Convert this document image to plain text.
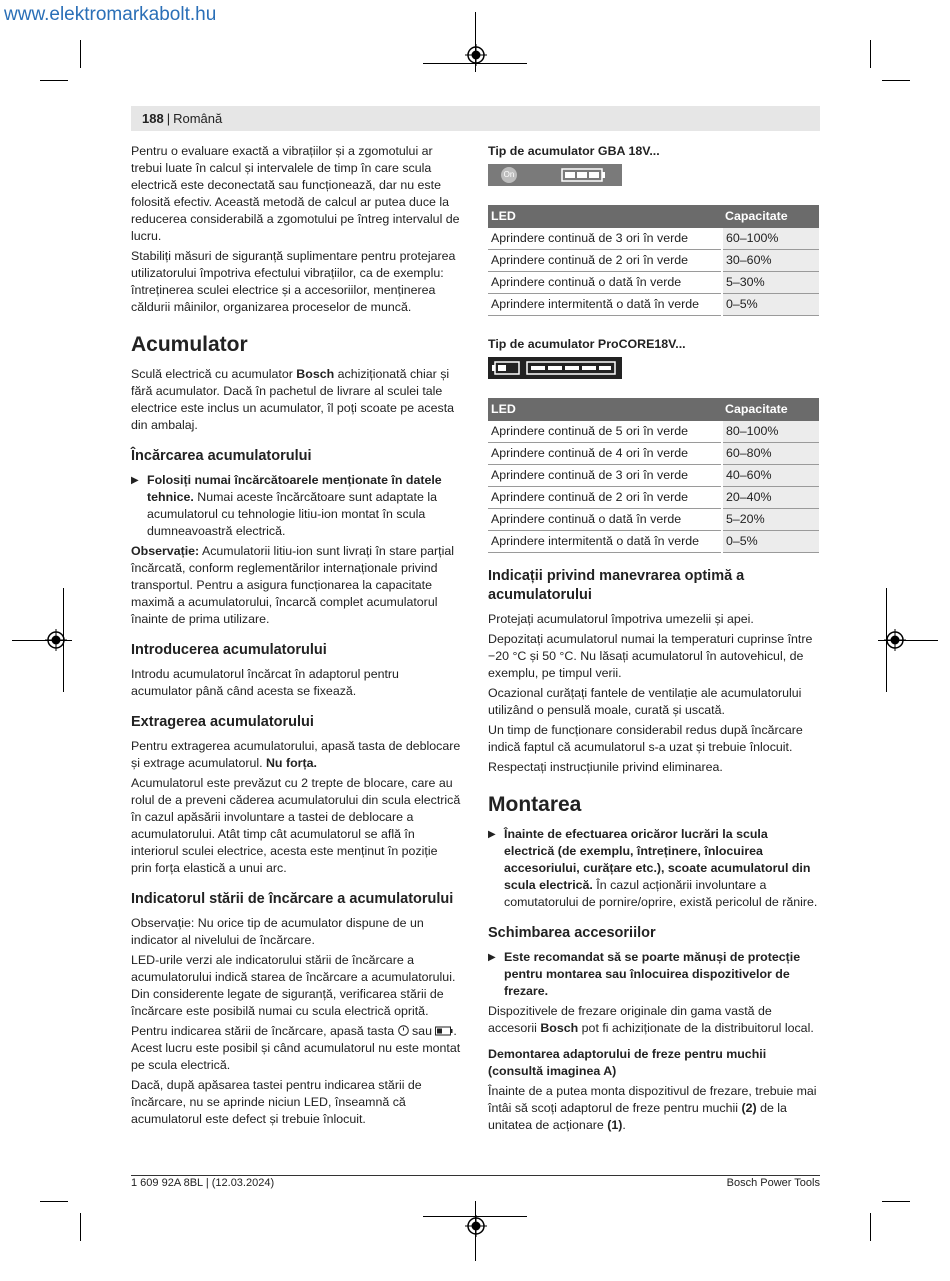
www.elektromarkabolt.hu
188 | Română

Pentru o evaluare exactă a vibrațiilor și a zgomotului ar trebui luate în calcul și intervalele de timp în care scula electrică este deconectată sau funcționează, dar nu este folosită efectiv. Această metodă de calcul ar putea duce la reducerea considerabilă a zgomotului pe întreg intervalul de lucru.

Stabiliți măsuri de siguranță suplimentare pentru protejarea utilizatorului împotriva efectului vibrațiilor, ca de exemplu: întreținerea sculei electrice și a accesoriilor, menținerea căldurii mâinilor, organizarea proceselor de muncă.

Acumulator

Sculă electrică cu acumulator Bosch achiziționată chiar și fără acumulator. Dacă în pachetul de livrare al sculei tale electrice este inclus un acumulator, îl poți scoate pe acesta din ambalaj.

Încărcarea acumulatorului
▶ Folosiți numai încărcătoarele menționate în datele tehnice. Numai aceste încărcătoare sunt adaptate la acumulatorul cu tehnologie litiu-ion montat în scula dumneavoastră electrică.

Observație: Acumulatorii litiu-ion sunt livrați în stare parțial încărcată, conform reglementărilor internaționale privind transportul. Pentru a asigura funcționarea la capacitate maximă a acumulatorului, încarcă complet acumulatorul înainte de prima utilizare.

Introducerea acumulatorului

Introdu acumulatorul încărcat în adaptorul pentru acumulator până când acesta se fixează.

Extragerea acumulatorului

Pentru extragerea acumulatorului, apasă tasta de deblocare și extrage acumulatorul. Nu forța.

Acumulatorul este prevăzut cu 2 trepte de blocare, care au rolul de a preveni căderea acumulatorului din scula electrică în cazul apăsării involuntare a tastei de deblocare a acumulatorului. Atât timp cât acumulatorul se află în interiorul sculei electrice, acesta este menținut în poziție prin forța elastică a unui arc.

Indicatorul stării de încărcare a acumulatorului

Observație: Nu orice tip de acumulator dispune de un indicator al nivelului de încărcare.

LED-urile verzi ale indicatorului stării de încărcare a acumulatorului indică starea de încărcare a acumulatorului. Din considerente legate de siguranță, verificarea stării de încărcare este posibilă numai cu scula electrică oprită.

Pentru indicarea stării de încărcare, apasă tasta  sau . Acest lucru este posibil și când acumulatorul nu este montat pe scula electrică.

Dacă, după apăsarea tastei pentru indicarea stării de încărcare, nu se aprinde niciun LED, înseamnă că acumulatorul este defect și trebuie înlocuit.

Tip de acumulator GBA 18V...
On
LED	Capacitate
Aprindere continuă de 3 ori în verde	60–100%
Aprindere continuă de 2 ori în verde	30–60%
Aprindere continuă o dată în verde	5–30%
Aprindere intermitentă o dată în verde	0–5%
Tip de acumulator ProCORE18V...
LED	Capacitate
Aprindere continuă de 5 ori în verde	80–100%
Aprindere continuă de 4 ori în verde	60–80%
Aprindere continuă de 3 ori în verde	40–60%
Aprindere continuă de 2 ori în verde	20–40%
Aprindere continuă o dată în verde	5–20%
Aprindere intermitentă o dată în verde	0–5%
Indicații privind manevrarea optimă a acumulatorului

Protejați acumulatorul împotriva umezelii și apei.

Depozitați acumulatorul numai la temperaturi cuprinse între −20 °C și 50 °C. Nu lăsați acumulatorul în autovehicul, de exemplu, pe timpul verii.

Ocazional curățați fantele de ventilație ale acumulatorului utilizând o pensulă moale, curată și uscată.

Un timp de funcționare considerabil redus după încărcare indică faptul că acumulatorul s-a uzat și trebuie înlocuit.

Respectați instrucțiunile privind eliminarea.

Montarea
▶ Înainte de efectuarea oricăror lucrări la scula electrică (de exemplu, întreținere, înlocuirea accesoriului, curățare etc.), scoate acumulatorul din scula electrică. În cazul acționării involuntare a comutatorului de pornire/oprire, există pericolul de rănire.
Schimbarea accesoriilor
▶ Este recomandat să se poarte mănuși de protecție pentru montarea sau înlocuirea dispozitivelor de frezare.

Dispozitivele de frezare originale din gama vastă de accesorii Bosch pot fi achiziționate de la distribuitorul local.

Demontarea adaptorului de freze pentru muchii (consultă imaginea A)

Înainte de a putea monta dispozitivul de frezare, trebuie mai întâi să scoți adaptorul de freze pentru muchii (2) de la unitatea de acționare (1).

1 609 92A 8BL | (12.03.2024)	Bosch Power Tools
